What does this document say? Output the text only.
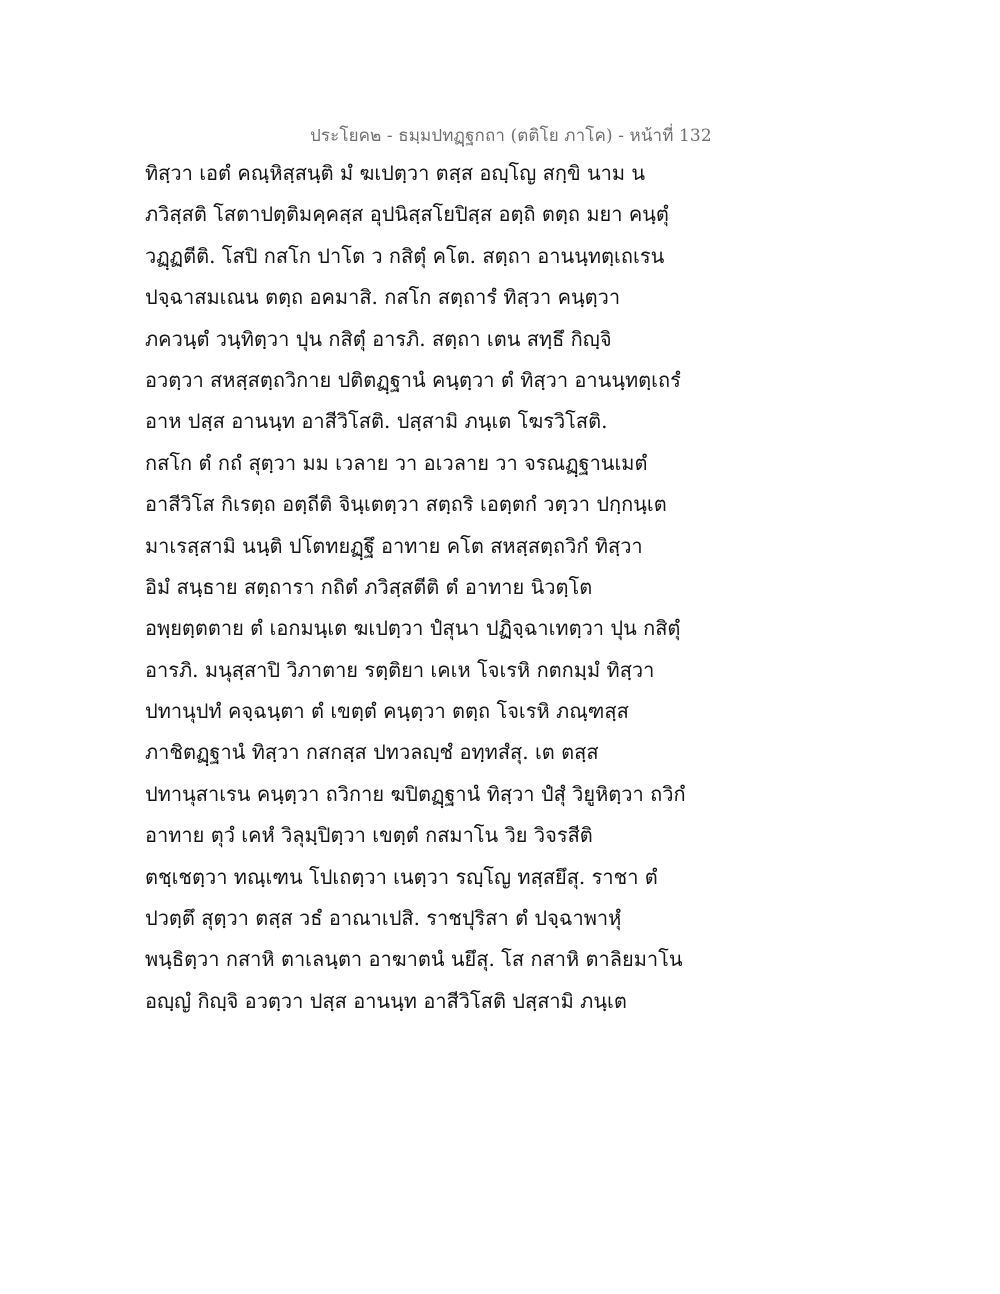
ประโยค๒ - ธมฺมปทฏฺฐกถา (ตติโย ภาโค) - หน้าที่ 132
ทิสฺวา เอตํ คณฺหิสฺสนฺติ มํ ฆเปตฺวา ตสฺส อญฺโญ สกฺขิ นาม น
ภวิสฺสติ โสตาปตฺติมคฺคสฺส อุปนิสฺสโยปิสฺส อตฺถิ ตตฺถ มยา คนฺตุํ
วฏฺฏตีติ. โสปิ กสโก ปาโต ว กสิตุํ คโต. สตฺถา อานนฺทตฺเถเรน
ปจฺฉาสมเณน ตตฺถ อคมาสิ. กสโก สตฺถารํ ทิสฺวา คนฺตฺวา
ภควนฺตํ วนฺทิตฺวา ปุน กสิตุํ อารภิ. สตฺถา เตน สทฺธึ กิญฺจิ
อวตฺวา สหสฺสตฺถวิกาย ปติตฏฺฐานํ คนฺตฺวา ตํ ทิสฺวา อานนฺทตฺเถรํ
อาห ปสฺส อานนฺท อาสีวิโสติ. ปสฺสามิ ภนฺเต โฆรวิโสติ.
กสโก ตํ กถํ สุตฺวา มม เวลาย วา อเวลาย วา จรณฏฺฐานเมตํ
อาสีวิโส กิเรตฺถ อตฺถีติ จินฺเตตฺวา สตฺถริ เอตฺตกํ วตฺวา ปกฺกนฺเต
มาเรสฺสามิ นนฺติ ปโตทยฏฺฐึ อาทาย คโต สหสฺสตฺถวิกํ ทิสฺวา
อิมํ สนฺธาย สตฺถารา กถิตํ ภวิสฺสตีติ ตํ อาทาย นิวตฺโต
อพฺยตฺตตาย ตํ เอกมนฺเต ฆเปตฺวา ปํสุนา ปฏิจฺฉาเทตฺวา ปุน กสิตุํ
อารภิ. มนุสฺสาปิ วิภาตาย รตฺติยา เคเห โจเรหิ กตกมฺมํ ทิสฺวา
ปทานุปทํ คจฺฉนฺตา ตํ เขตฺตํ คนฺตฺวา ตตฺถ โจเรหิ ภณฺฑสฺส
ภาชิตฏฺฐานํ ทิสฺวา กสกสฺส ปทวลญฺชํ อทฺทสํสุ. เต ตสฺส
ปทานุสาเรน คนฺตฺวา ถวิกาย ฆปิตฏฺฐานํ ทิสฺวา ปํสุํ วิยูหิตฺวา ถวิกํ
อาทาย ตุวํ เคหํ วิลุมฺปิตฺวา เขตฺตํ กสมาโน วิย วิจรสีติ
ตชฺเชตฺวา ทณฺเฑน โปเถตฺวา เนตฺวา รญฺโญ ทสฺสยึสุ. ราชา ตํ
ปวตฺตึ สุตฺวา ตสฺส วธํ อาณาเปสิ. ราชปุริสา ตํ ปจฺฉาพาหุํ
พนฺธิตฺวา กสาหิ ตาเลนฺตา อาฆาตนํ นยึสุ. โส กสาหิ ตาลิยมาโน
อญฺญํ กิญฺจิ อวตฺวา ปสฺส อานนฺท อาสีวิโสติ ปสฺสามิ ภนฺเต
